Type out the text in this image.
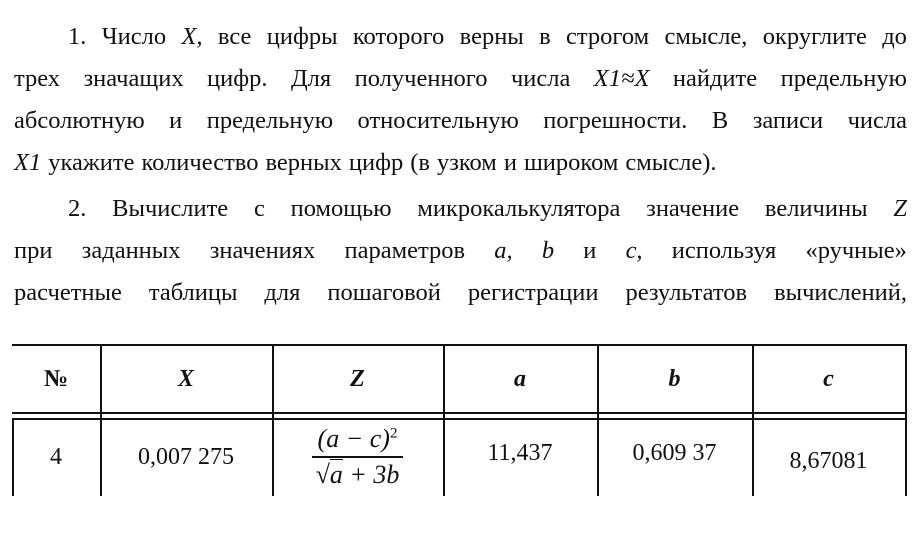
1. Число X, все цифры которого верны в строгом смысле, округлите до
трех значащих цифр. Для полученного числа X1≈X найдите предельную
абсолютную и предельную относительную погрешности. В записи числа
X1 укажите количество верных цифр (в узком и широком смысле).
2. Вычислите с помощью микрокалькулятора значение величины Z
при заданных значениях параметров a, b и c, используя «ручные»
расчетные таблицы для пошаговой регистрации результатов вычислений,
№	X	Z	a	b	c
4	0,007 275	$\frac{(a - c)^2}{√a + 3b}$	11,437	0,609 37	8,67081
